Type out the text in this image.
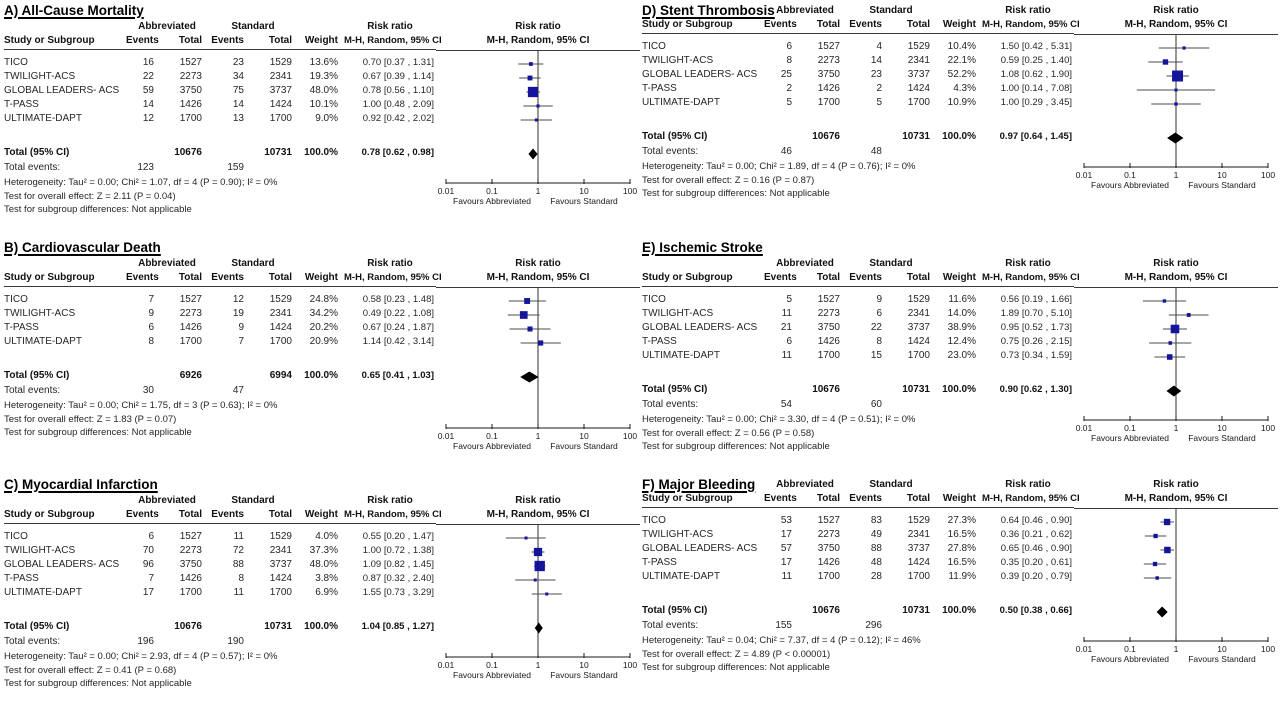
A) All-Cause Mortality
Abbreviated	Standard	Risk ratio
Study or Subgroup	Events	Total Events	Total	Weight M-H, Random, 95% CI
TICO	16	1527	23	1529	13.6%	0.70 [0.37 , 1.31]
TWILIGHT-ACS	22	2273	34	2341	19.3%	0.67 [0.39 , 1.14]
GLOBAL LEADERS- ACS	59	3750	75	3737	48.0%	0.78 [0.56 , 1.10]
T-PASS	14	1426	14	1424	10.1%	1.00 [0.48 , 2.09]
ULTIMATE-DAPT	12	1700	13	1700	9.0%	0.92 [0.42 , 2.02]
Total (95% CI)	10676	10731	100.0%	0.78 [0.62 , 0.98]
Total events:	123	159
Heterogeneity: Tau² = 0.00; Chi² = 1.07, df = 4 (P = 0.90); I² = 0%
Test for overall effect: Z = 2.11 (P = 0.04)
Test for subgroup differences: Not applicable
Risk ratio
M-H, Random, 95% CI
0.01	0.1	1	10	100
Favours Abbreviated Favours Standard
B) Cardiovascular Death
Abbreviated	Standard	Risk ratio
Study or Subgroup	Events	Total Events	Total	Weight M-H, Random, 95% CI
TICO	7	1527	12	1529	24.8%	0.58 [0.23 , 1.48]
TWILIGHT-ACS	9	2273	19	2341	34.2%	0.49 [0.22 , 1.08]
T-PASS	6	1426	9	1424	20.2%	0.67 [0.24 , 1.87]
ULTIMATE-DAPT	8	1700	7	1700	20.9%	1.14 [0.42 , 3.14]
Total (95% CI)	6926	6994	100.0%	0.65 [0.41 , 1.03]
Total events:	30	47
Heterogeneity: Tau² = 0.00; Chi² = 1.75, df = 3 (P = 0.63); I² = 0%
Test for overall effect: Z = 1.83 (P = 0.07)
Test for subgroup differences: Not applicable
Risk ratio
M-H, Random, 95% CI
0.01	0.1	1	10	100
Favours Abbreviated Favours Standard
C) Myocardial Infarction
Abbreviated	Standard	Risk ratio
Study or Subgroup	Events	Total Events	Total	Weight M-H, Random, 95% CI
TICO	6	1527	11	1529	4.0%	0.55 [0.20 , 1.47]
TWILIGHT-ACS	70	2273	72	2341	37.3%	1.00 [0.72 , 1.38]
GLOBAL LEADERS- ACS	96	3750	88	3737	48.0%	1.09 [0.82 , 1.45]
T-PASS	7	1426	8	1424	3.8%	0.87 [0.32 , 2.40]
ULTIMATE-DAPT	17	1700	11	1700	6.9%	1.55 [0.73 , 3.29]
Total (95% CI)	10676	10731	100.0%	1.04 [0.85 , 1.27]
Total events:	196	190
Heterogeneity: Tau² = 0.00; Chi² = 2.93, df = 4 (P = 0.57); I² = 0%
Test for overall effect: Z = 0.41 (P = 0.68)
Test for subgroup differences: Not applicable
Risk ratio
M-H, Random, 95% CI
0.01	0.1	1	10	100
Favours Abbreviated Favours Standard
D) Stent Thrombosis Abbreviated	Standard	Risk ratio
Study or Subgroup	Events	Total Events	Total	Weight M-H, Random, 95% CI
TICO	6	1527	4	1529	10.4%	1.50 [0.42 , 5.31]
TWILIGHT-ACS	8	2273	14	2341	22.1%	0.59 [0.25 , 1.40]
GLOBAL LEADERS- ACS	25	3750	23	3737	52.2%	1.08 [0.62 , 1.90]
T-PASS	2	1426	2	1424	4.3%	1.00 [0.14 , 7.08]
ULTIMATE-DAPT	5	1700	5	1700	10.9%	1.00 [0.29 , 3.45]
Total (95% CI)	10676	10731	100.0%	0.97 [0.64 , 1.45]
Total events:	46	48
Heterogeneity: Tau² = 0.00; Chi² = 1.89, df = 4 (P = 0.76); I² = 0%
Test for overall effect: Z = 0.16 (P = 0.87)
Test for subgroup differences: Not applicable
Risk ratio
M-H, Random, 95% CI
0.01	0.1	1	10	100
Favours Abbreviated Favours Standard
E) Ischemic Stroke
Abbreviated	Standard	Risk ratio
Study or Subgroup	Events	Total Events	Total	Weight M-H, Random, 95% CI
TICO	5	1527	9	1529	11.6%	0.56 [0.19 , 1.66]
TWILIGHT-ACS	11	2273	6	2341	14.0%	1.89 [0.70 , 5.10]
GLOBAL LEADERS- ACS	21	3750	22	3737	38.9%	0.95 [0.52 , 1.73]
T-PASS	6	1426	8	1424	12.4%	0.75 [0.26 , 2.15]
ULTIMATE-DAPT	11	1700	15	1700	23.0%	0.73 [0.34 , 1.59]
Total (95% CI)	10676	10731	100.0%	0.90 [0.62 , 1.30]
Total events:	54	60
Heterogeneity: Tau² = 0.00; Chi² = 3.30, df = 4 (P = 0.51); I² = 0%
Test for overall effect: Z = 0.56 (P = 0.58)
Test for subgroup differences: Not applicable
Risk ratio
M-H, Random, 95% CI
0.01	0.1	1	10	100
Favours Abbreviated Favours Standard
F) Major Bleeding	Abbreviated	Standard	Risk ratio
Study or Subgroup	Events	Total Events	Total	Weight M-H, Random, 95% CI
TICO	53	1527	83	1529	27.3%	0.64 [0.46 , 0.90]
TWILIGHT-ACS	17	2273	49	2341	16.5%	0.36 [0.21 , 0.62]
GLOBAL LEADERS- ACS	57	3750	88	3737	27.8%	0.65 [0.46 , 0.90]
T-PASS	17	1426	48	1424	16.5%	0.35 [0.20 , 0.61]
ULTIMATE-DAPT	11	1700	28	1700	11.9%	0.39 [0.20 , 0.79]
Total (95% CI)	10676	10731	100.0%	0.50 [0.38 , 0.66]
Total events:	155	296
Heterogeneity: Tau² = 0.04; Chi² = 7.37, df = 4 (P = 0.12); I² = 46%
Test for overall effect: Z = 4.89 (P < 0.00001)
Test for subgroup differences: Not applicable
Risk ratio
M-H, Random, 95% CI
0.01	0.1	1	10	100
Favours Abbreviated Favours Standard
